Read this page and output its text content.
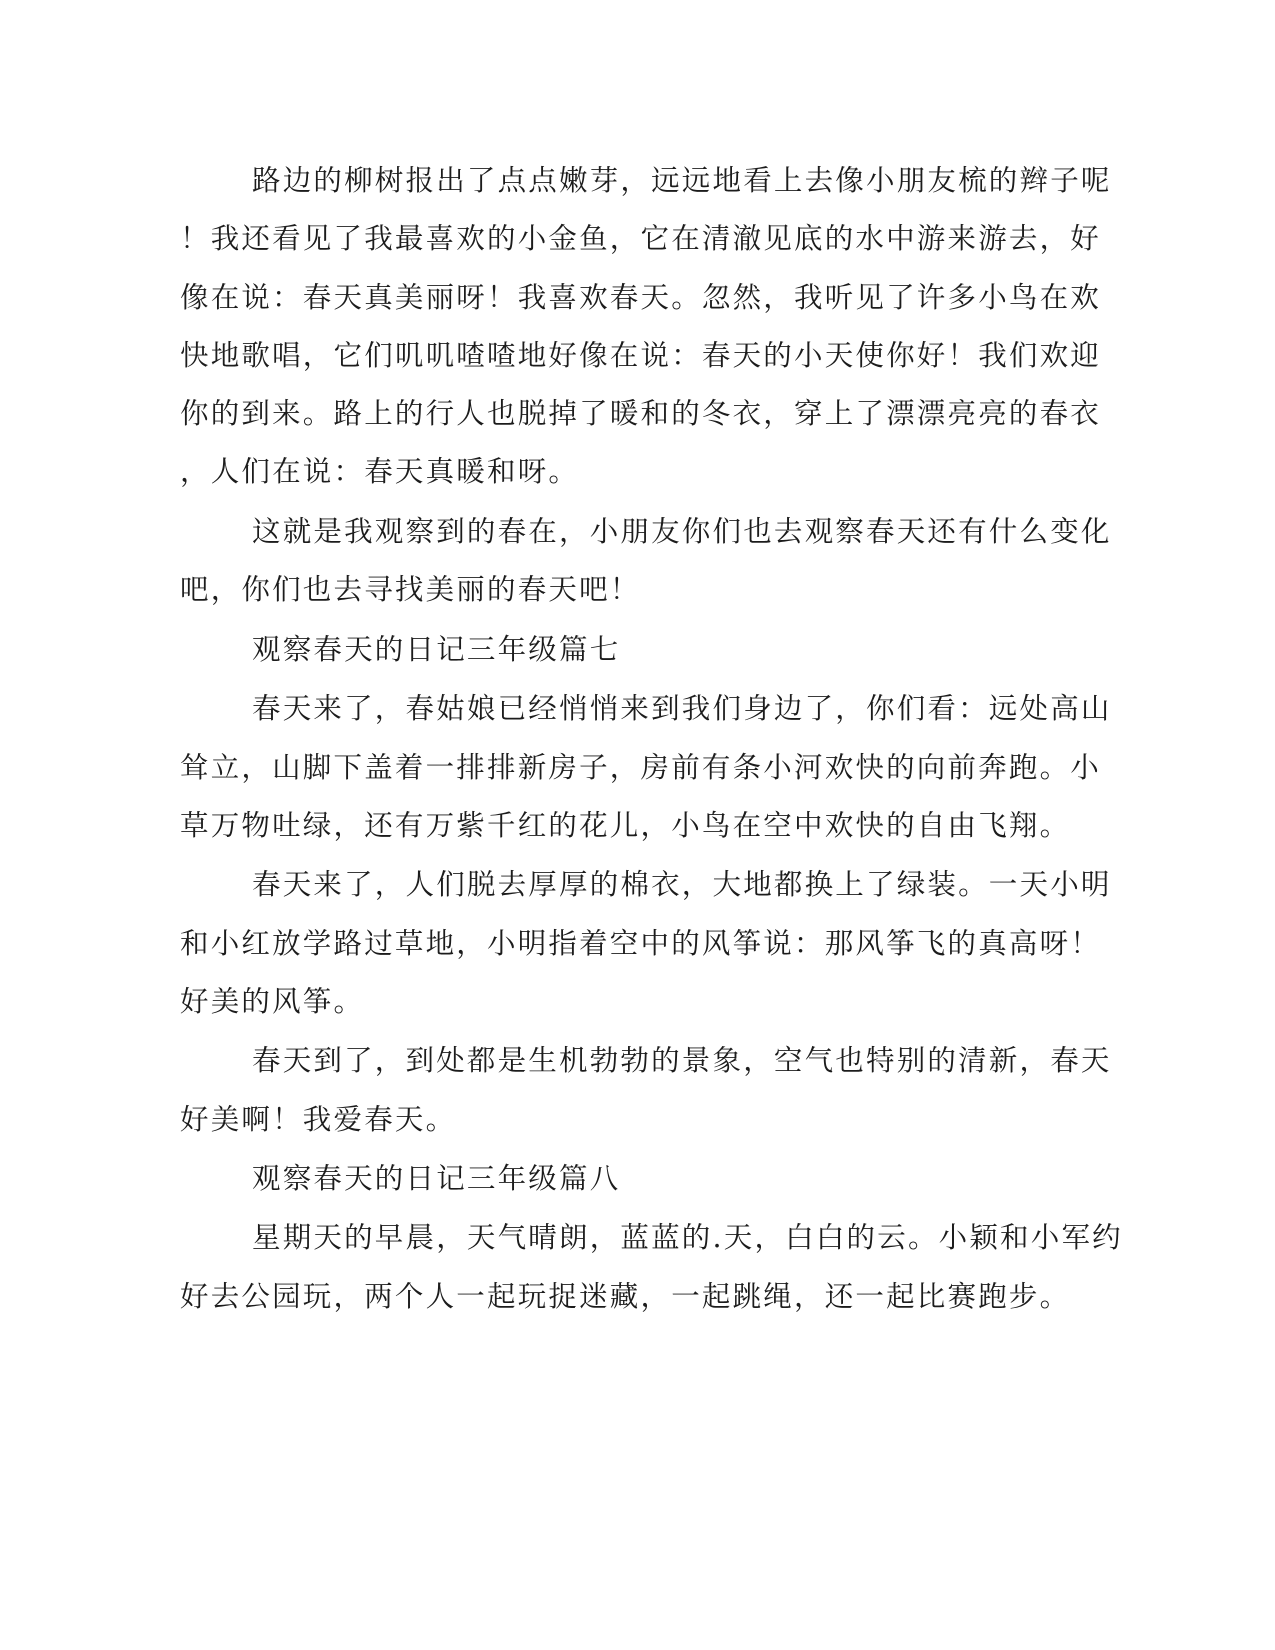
路边的柳树报出了点点嫩芽，远远地看上去像小朋友梳的辫子呢
！我还看见了我最喜欢的小金鱼，它在清澈见底的水中游来游去，好
像在说：春天真美丽呀！我喜欢春天。忽然，我听见了许多小鸟在欢
快地歌唱，它们叽叽喳喳地好像在说：春天的小天使你好！我们欢迎
你的到来。路上的行人也脱掉了暖和的冬衣，穿上了漂漂亮亮的春衣
，人们在说：春天真暖和呀。
这就是我观察到的春在，小朋友你们也去观察春天还有什么变化
吧，你们也去寻找美丽的春天吧！
观察春天的日记三年级篇七
春天来了，春姑娘已经悄悄来到我们身边了，你们看：远处高山
耸立，山脚下盖着一排排新房子，房前有条小河欢快的向前奔跑。小
草万物吐绿，还有万紫千红的花儿，小鸟在空中欢快的自由飞翔。
春天来了，人们脱去厚厚的棉衣，大地都换上了绿装。一天小明
和小红放学路过草地，小明指着空中的风筝说：那风筝飞的真高呀！
好美的风筝。
春天到了，到处都是生机勃勃的景象，空气也特别的清新，春天
好美啊！我爱春天。
观察春天的日记三年级篇八
星期天的早晨，天气晴朗，蓝蓝的.天，白白的云。小颖和小军约
好去公园玩，两个人一起玩捉迷藏，一起跳绳，还一起比赛跑步。
